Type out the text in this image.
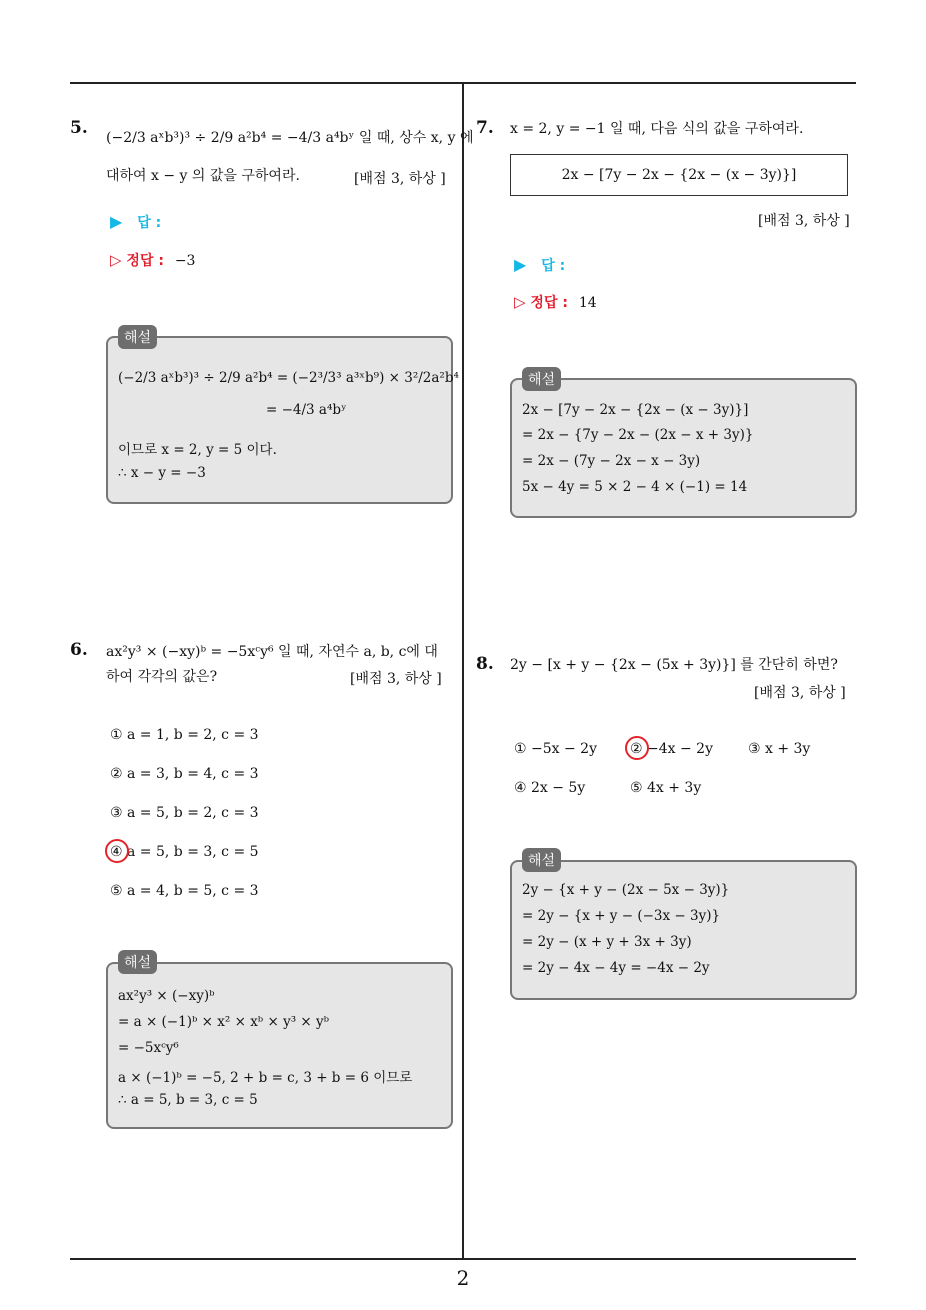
5. (−2/3 aˣb³)³ ÷ 2/9 a²b⁴ = −4/3 a⁴bʸ 일 때, 상수 x, y 에
대하여 x − y 의 값을 구하여라.	[배점 3, 하상 ]
▶ 답 :
▷ 정답 : −3
해설
(−2/3 aˣb³)³ ÷ 2/9 a²b⁴ = (−2³/3³ a³ˣb⁹) × 3²/2a²b⁴
= −4/3 a⁴bʸ
이므로 x = 2, y = 5 이다.
∴ x − y = −3
6. ax²y³ × (−xy)ᵇ = −5xᶜy⁶ 일 때, 자연수 a, b, c에 대
하여 각각의 값은?	[배점 3, 하상 ]
① a = 1, b = 2, c = 3
② a = 3, b = 4, c = 3
③ a = 5, b = 2, c = 3
④ a = 5, b = 3, c = 5
⑤ a = 4, b = 5, c = 3
해설
ax²y³ × (−xy)ᵇ
= a × (−1)ᵇ × x² × xᵇ × y³ × yᵇ
= −5xᶜy⁶
a × (−1)ᵇ = −5, 2 + b = c, 3 + b = 6 이므로
∴ a = 5, b = 3, c = 5
7. x = 2, y = −1 일 때, 다음 식의 값을 구하여라.
2x − [7y − 2x − {2x − (x − 3y)}]
[배점 3, 하상 ]
▶ 답 :
▷ 정답 : 14
해설
2x − [7y − 2x − {2x − (x − 3y)}]
= 2x − {7y − 2x − (2x − x + 3y)}
= 2x − (7y − 2x − x − 3y)
5x − 4y = 5 × 2 − 4 × (−1) = 14
8. 2y − [x + y − {2x − (5x + 3y)}] 를 간단히 하면?
[배점 3, 하상 ]
① −5x − 2y ② −4x − 2y	③ x + 3y
④ 2x − 5y	⑤ 4x + 3y
해설
2y − {x + y − (2x − 5x − 3y)}
= 2y − {x + y − (−3x − 3y)}
= 2y − (x + y + 3x + 3y)
= 2y − 4x − 4y = −4x − 2y
2
